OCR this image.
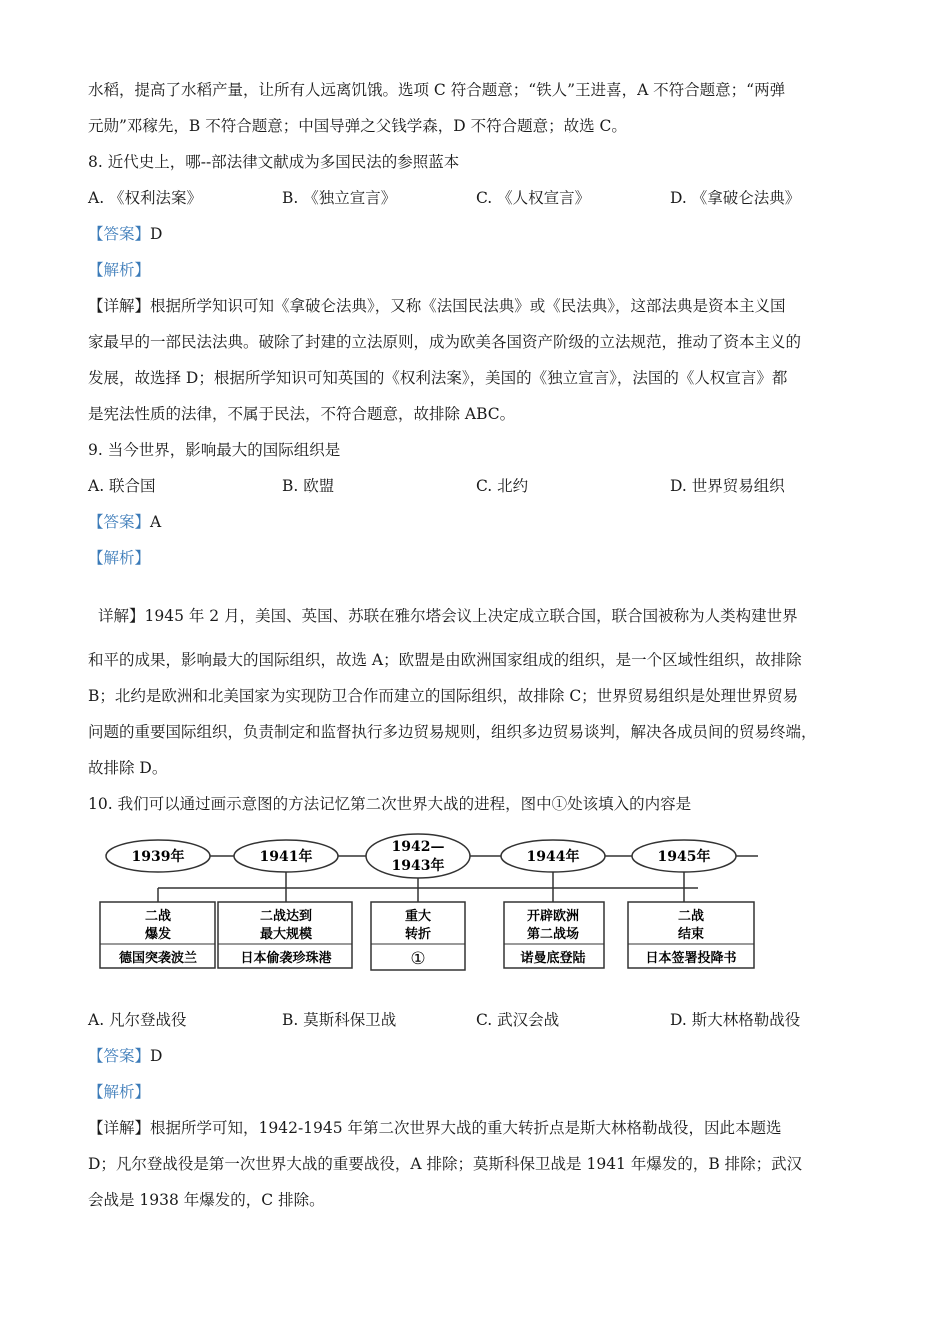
水稻，提高了水稻产量，让所有人远离饥饿。选项 C 符合题意；“铁人”王进喜，A 不符合题意；“两弹
元勋”邓稼先，B 不符合题意；中国导弹之父钱学森，D 不符合题意；故选 C。
8. 近代史上，哪--部法律文献成为多国民法的参照蓝本
A. 《权利法案》	B. 《独立宣言》	C. 《人权宣言》	D. 《拿破仑法典》
【答案】 D
【解析】
【详解】根据所学知识可知《拿破仑法典》，又称《法国民法典》或《民法典》，这部法典是资本主义国
家最早的一部民法法典。破除了封建的立法原则，成为欧美各国资产阶级的立法规范，推动了资本主义的
发展，故选择 D；根据所学知识可知英国的《权利法案》，美国的《独立宣言》，法国的《人权宣言》都
是宪法性质的法律，不属于民法，不符合题意，故排除 ABC。
9. 当今世界，影响最大的国际组织是
A. 联合国	B. 欧盟	C. 北约	D. 世界贸易组织
【答案】 A
【解析】
详解】1945 年 2 月，美国、英国、苏联在雅尔塔会议上决定成立联合国，联合国被称为人类构建世界
和平的成果，影响最大的国际组织，故选 A；欧盟是由欧洲国家组成的组织，是一个区域性组织，故排除
B；北约是欧洲和北美国家为实现防卫合作而建立的国际组织，故排除 C；世界贸易组织是处理世界贸易
问题的重要国际组织，负责制定和监督执行多边贸易规则，组织多边贸易谈判，解决各成员间的贸易终端，
故排除 D。
10. 我们可以通过画示意图的方法记忆第二次世界大战的进程，图中①处该填入的内容是
1939年	1941年
1942—
1943年
1944年	1945年
二战
爆发
德国突袭波兰
二战达到
最大规模
日本偷袭珍珠港
重大
转折
①
开辟欧洲
第二战场
诺曼底登陆
二战
结束
日本签署投降书
A. 凡尔登战役	B. 莫斯科保卫战	C. 武汉会战	D. 斯大林格勒战役
【答案】 D
【解析】
【详解】根据所学可知，1942-1945 年第二次世界大战的重大转折点是斯大林格勒战役，因此本题选
D；凡尔登战役是第一次世界大战的重要战役，A 排除；莫斯科保卫战是 1941 年爆发的，B 排除；武汉
会战是 1938 年爆发的，C 排除。
